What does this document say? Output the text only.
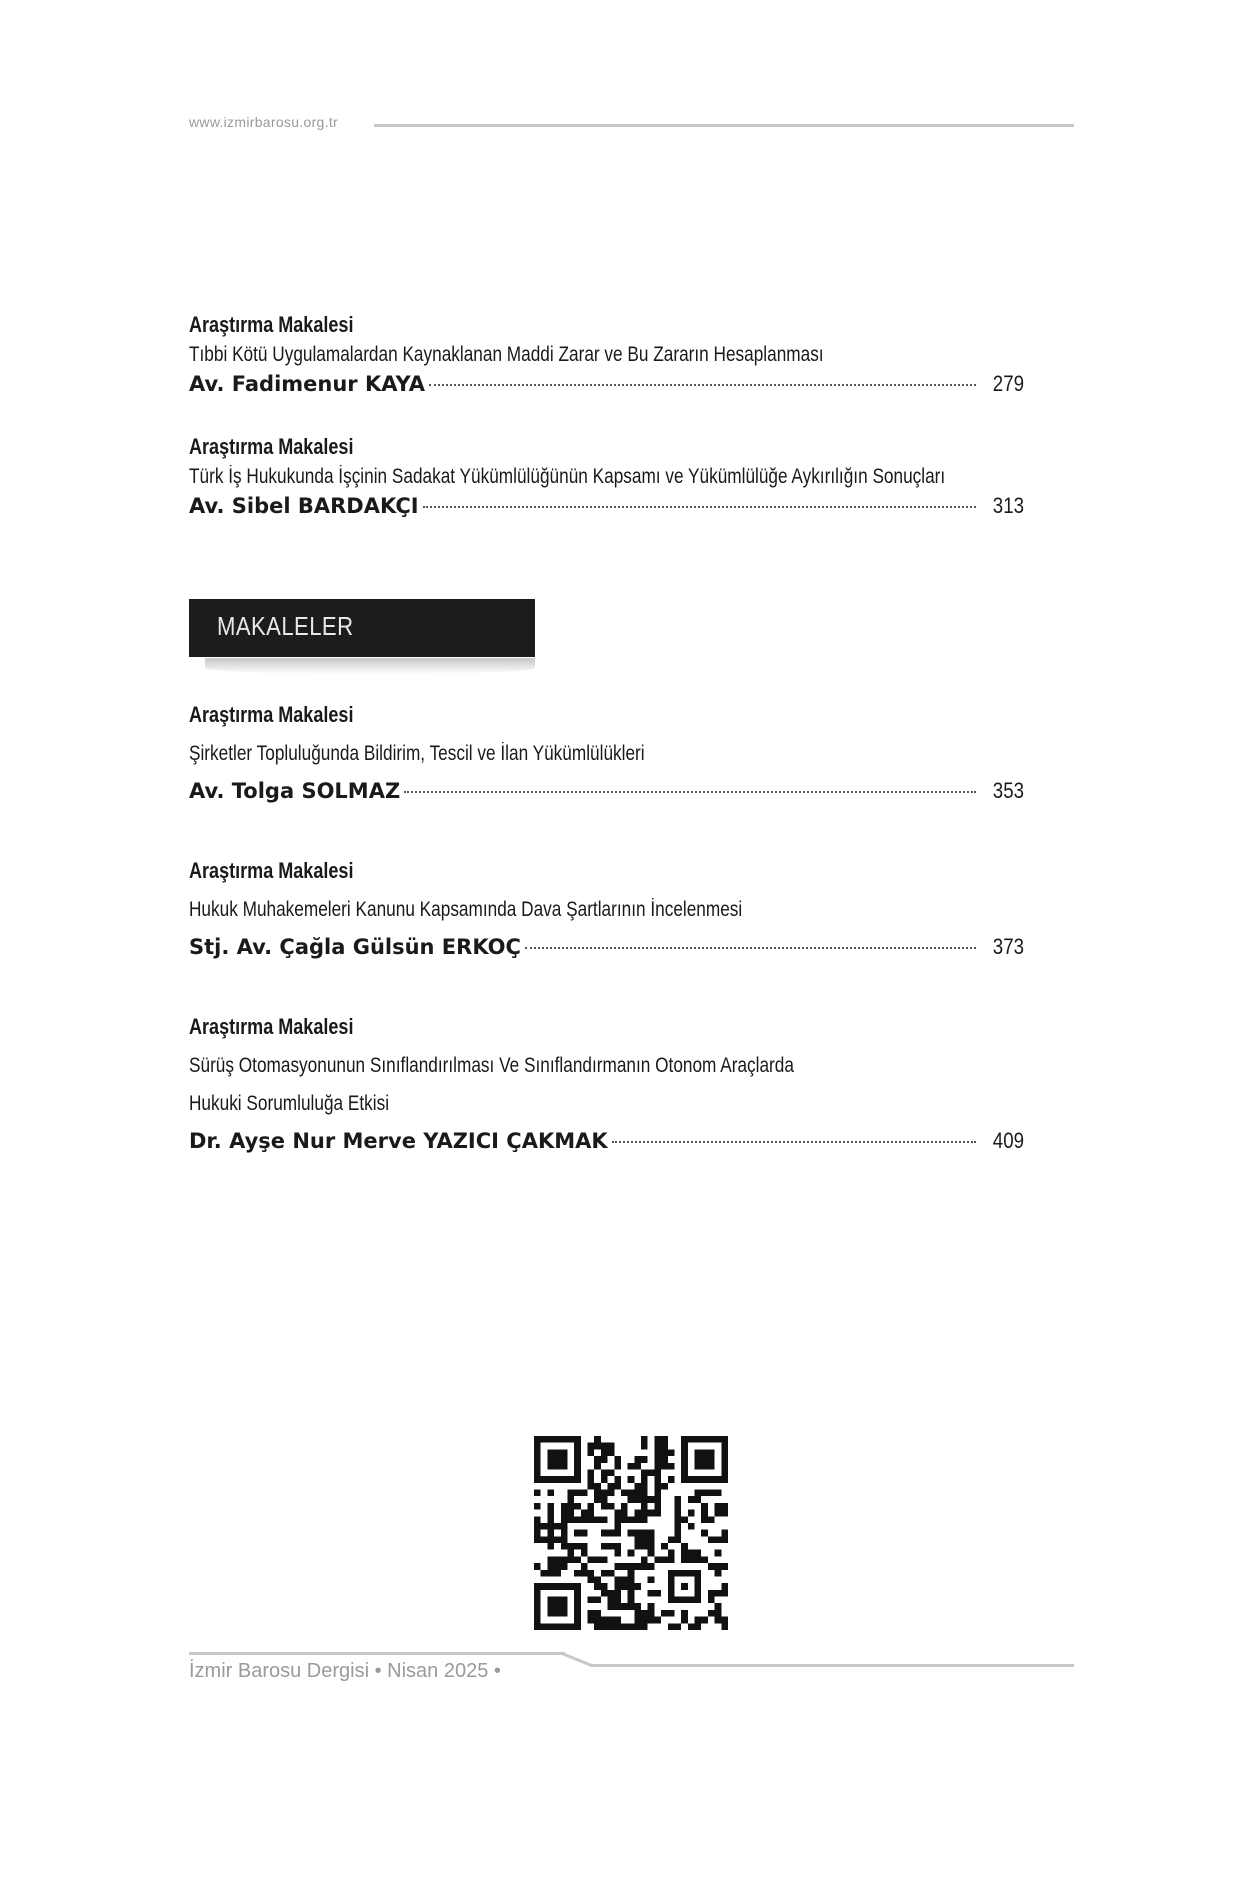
www.izmirbarosu.org.tr
Araştırma Makalesi
Tıbbi Kötü Uygulamalardan Kaynaklanan Maddi Zarar ve Bu Zararın Hesaplanması
Av. Fadimenur KAYA	279
Araştırma Makalesi
Türk İş Hukukunda İşçinin Sadakat Yükümlülüğünün Kapsamı ve Yükümlülüğe Aykırılığın Sonuçları
Av. Sibel BARDAKÇI	313
MAKALELER
Araştırma Makalesi
Şirketler Topluluğunda Bildirim, Tescil ve İlan Yükümlülükleri
Av. Tolga SOLMAZ	353
Araştırma Makalesi
Hukuk Muhakemeleri Kanunu Kapsamında Dava Şartlarının İncelenmesi
Stj. Av. Çağla Gülsün ERKOÇ	373
Araştırma Makalesi
Sürüş Otomasyonunun Sınıflandırılması Ve Sınıflandırmanın Otonom Araçlarda
Hukuki Sorumluluğa Etkisi
Dr. Ayşe Nur Merve YAZICI ÇAKMAK	409
İzmir Barosu Dergisi • Nisan 2025 •
